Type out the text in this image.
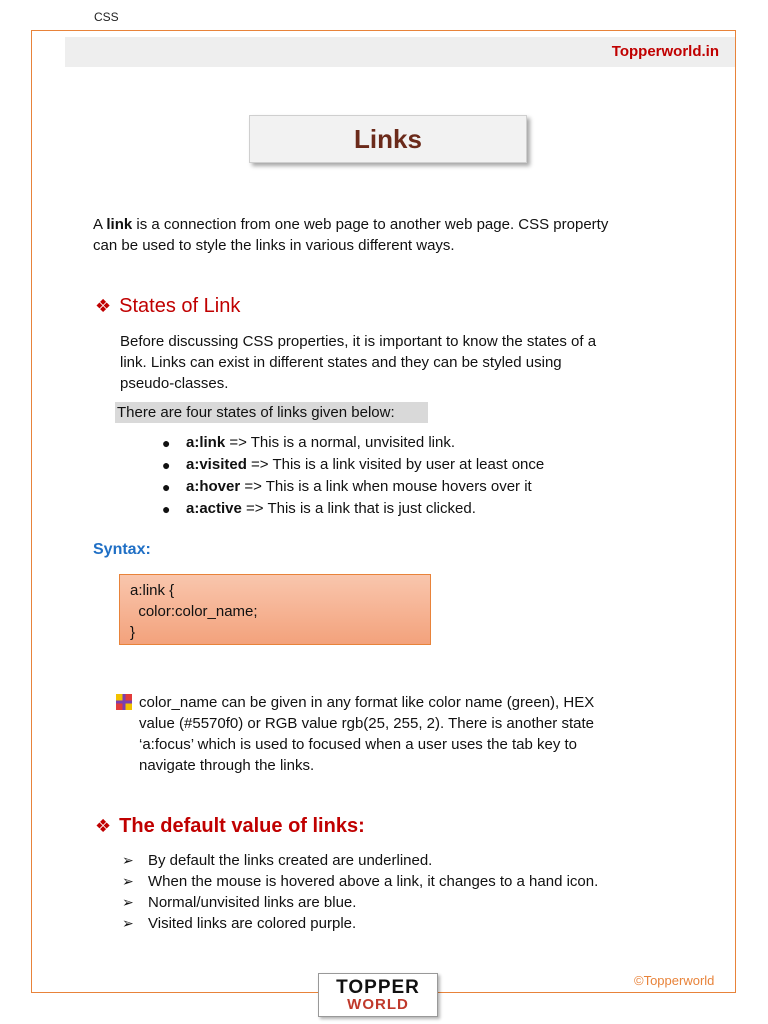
CSS
Topperworld.in
Links
A link is a connection from one web page to another web page. CSS property
can be used to style the links in various different ways.
❖ States of Link
Before discussing CSS properties, it is important to know the states of a
link. Links can exist in different states and they can be styled using
pseudo-classes.
There are four states of links given below:
● a:link => This is a normal, unvisited link.
● a:visited => This is a link visited by user at least once
● a:hover => This is a link when mouse hovers over it
● a:active => This is a link that is just clicked.
Syntax:
a:link {
color:color_name;
}
color_name can be given in any format like color name (green), HEX
value (#5570f0) or RGB value rgb(25, 255, 2). There is another state
‘a:focus’ which is used to focused when a user uses the tab key to
navigate through the links.
❖ The default value of links:
➢ By default the links created are underlined.
➢ When the mouse is hovered above a link, it changes to a hand icon.
➢ Normal/unvisited links are blue.
➢ Visited links are colored purple.
©Topperworld
TOPPER
WORLD
